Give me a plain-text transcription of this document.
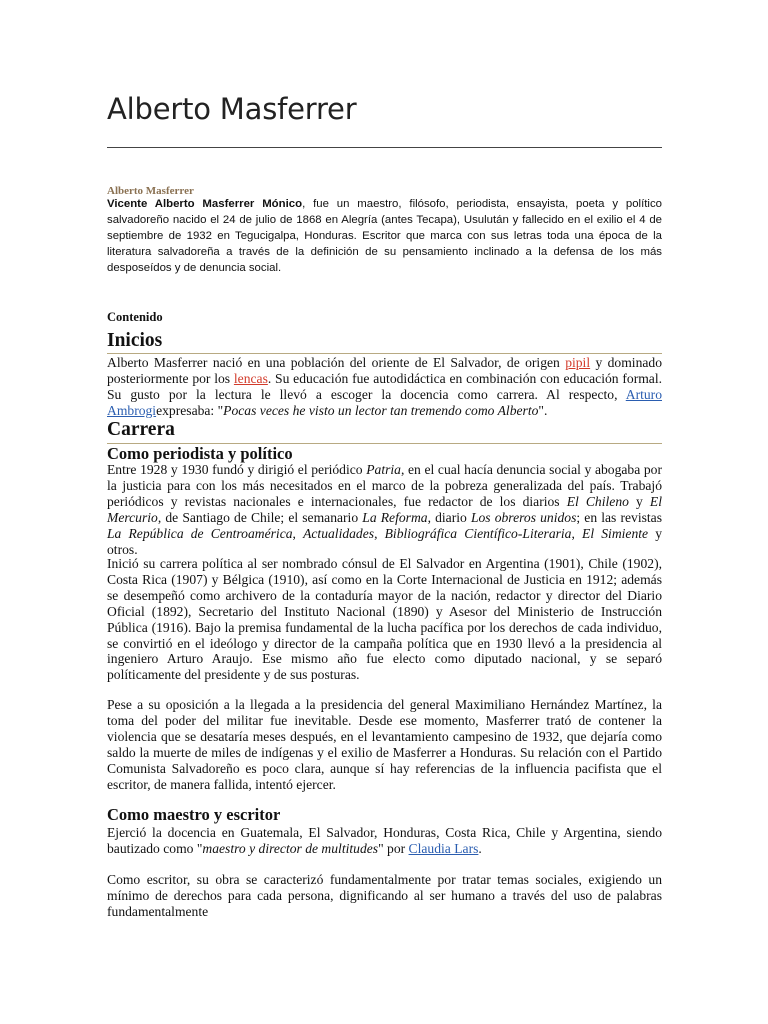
Alberto Masferrer
Alberto Masferrer
Vicente Alberto Masferrer Mónico, fue un maestro, filósofo, periodista, ensayista, poeta y político salvadoreño nacido el 24 de julio de 1868 en Alegría (antes Tecapa), Usulután y fallecido en el exilio el 4 de septiembre de 1932 en Tegucigalpa, Honduras. Escritor que marca con sus letras toda una época de la literatura salvadoreña a través de la definición de su pensamiento inclinado a la defensa de los más desposeídos y de denuncia social.
Contenido
Inicios
Alberto Masferrer nació en una población del oriente de El Salvador, de origen pipil y dominado posteriormente por los lencas. Su educación fue autodidáctica en combinación con educación formal. Su gusto por la lectura le llevó a escoger la docencia como carrera. Al respecto, Arturo Ambrogiexpresaba: "Pocas veces he visto un lector tan tremendo como Alberto".
Carrera
Como periodista y político
Entre 1928 y 1930 fundó y dirigió el periódico Patria, en el cual hacía denuncia social y abogaba por la justicia para con los más necesitados en el marco de la pobreza generalizada del país. Trabajó periódicos y revistas nacionales e internacionales, fue redactor de los diarios El Chileno y El Mercurio, de Santiago de Chile; el semanario La Reforma, diario Los obreros unidos; en las revistas La República de Centroamérica, Actualidades, Bibliográfica Científico-Literaria, El Simiente y otros.
Inició su carrera política al ser nombrado cónsul de El Salvador en Argentina (1901), Chile (1902), Costa Rica (1907) y Bélgica (1910), así como en la Corte Internacional de Justicia en 1912; además se desempeñó como archivero de la contaduría mayor de la nación, redactor y director del Diario Oficial (1892), Secretario del Instituto Nacional (1890) y Asesor del Ministerio de Instrucción Pública (1916). Bajo la premisa fundamental de la lucha pacífica por los derechos de cada individuo, se convirtió en el ideólogo y director de la campaña política que en 1930 llevó a la presidencia al ingeniero Arturo Araujo. Ese mismo año fue electo como diputado nacional, y se separó políticamente del presidente y de sus posturas.
Pese a su oposición a la llegada a la presidencia del general Maximiliano Hernández Martínez, la toma del poder del militar fue inevitable. Desde ese momento, Masferrer trató de contener la violencia que se desataría meses después, en el levantamiento campesino de 1932, que dejaría como saldo la muerte de miles de indígenas y el exilio de Masferrer a Honduras. Su relación con el Partido Comunista Salvadoreño es poco clara, aunque sí hay referencias de la influencia pacifista que el escritor, de manera fallida, intentó ejercer.
Como maestro y escritor
Ejerció la docencia en Guatemala, El Salvador, Honduras, Costa Rica, Chile y Argentina, siendo bautizado como "maestro y director de multitudes" por Claudia Lars.
Como escritor, su obra se caracterizó fundamentalmente por tratar temas sociales, exigiendo un mínimo de derechos para cada persona, dignificando al ser humano a través del uso de palabras fundamentalmente
